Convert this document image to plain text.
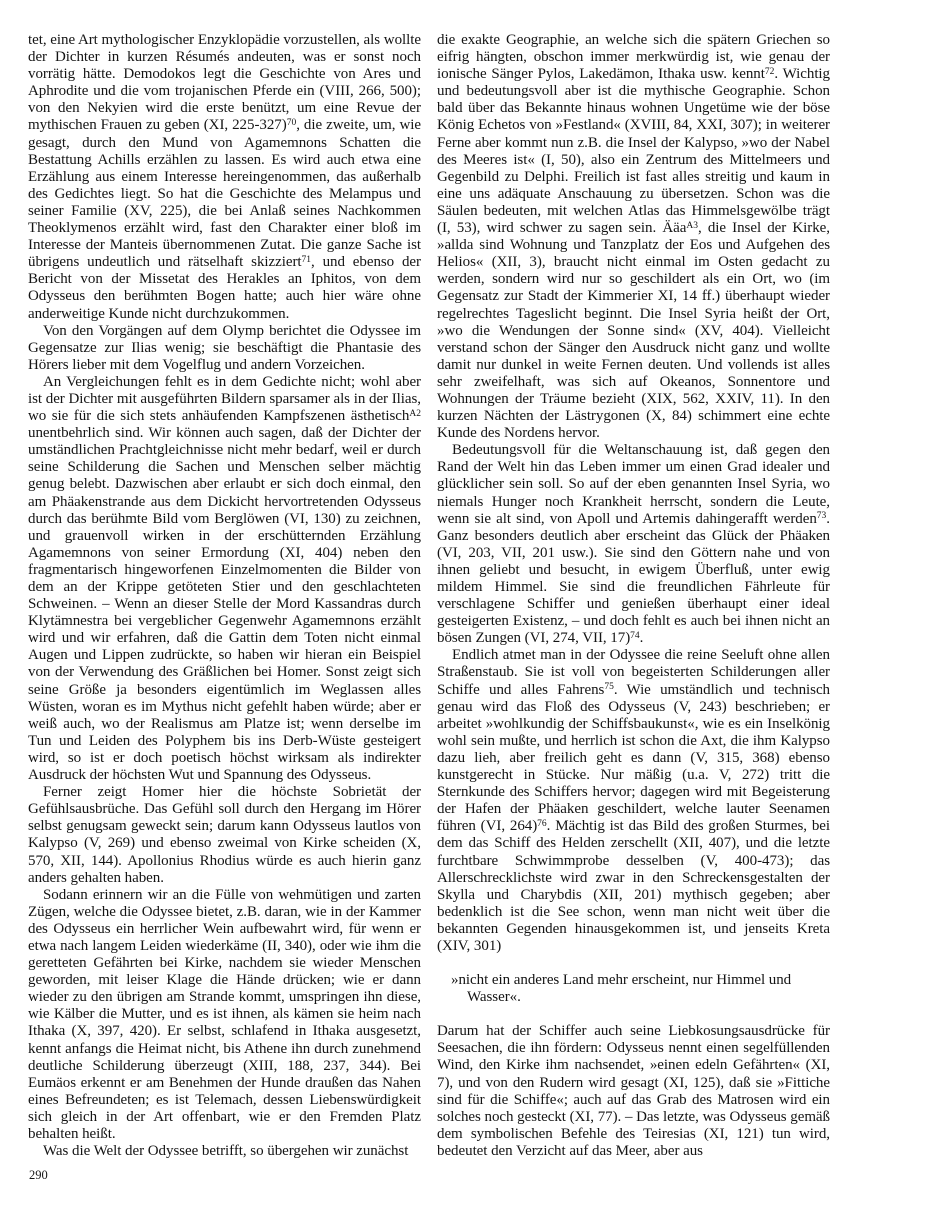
tet, eine Art mythologischer Enzyklopädie vorzustellen, als wollte der Dichter in kurzen Résumés andeuten, was er sonst noch vorrätig hätte. Demodokos legt die Geschichte von Ares und Aphrodite und die vom trojanischen Pferde ein (VIII, 266, 500); von den Nekyien wird die erste benützt, um eine Revue der mythischen Frauen zu geben (XI, 225-327)$^{70}$, die zweite, um, wie gesagt, durch den Mund von Agamemnons Schatten die Bestattung Achills erzählen zu lassen. Es wird auch etwa eine Erzählung aus einem Interesse hereingenommen, das außerhalb des Gedichtes liegt. So hat die Geschichte des Melampus und seiner Familie (XV, 225), die bei Anlaß seines Nachkommen Theoklymenos erzählt wird, fast den Charakter einer bloß im Interesse der Manteis übernommenen Zutat. Die ganze Sache ist übrigens undeutlich und rätselhaft skizziert$^{71}$, und ebenso der Bericht von der Missetat des Herakles an Iphitos, von dem Odysseus den berühmten Bogen hatte; auch hier wäre ohne anderweitige Kunde nicht durchzukommen.

Von den Vorgängen auf dem Olymp berichtet die Odyssee im Gegensatze zur Ilias wenig; sie beschäftigt die Phantasie des Hörers lieber mit dem Vogelflug und andern Vorzeichen.

An Vergleichungen fehlt es in dem Gedichte nicht; wohl aber ist der Dichter mit ausgeführten Bildern sparsamer als in der Ilias, wo sie für die sich stets anhäufenden Kampfszenen ästhetisch$^{A2}$ unentbehrlich sind. Wir können auch sagen, daß der Dichter der umständlichen Prachtgleichnisse nicht mehr bedarf, weil er durch seine Schilderung die Sachen und Menschen selber mächtig genug belebt. Dazwischen aber erlaubt er sich doch einmal, den am Phäakenstrande aus dem Dickicht hervortretenden Odysseus durch das berühmte Bild vom Berglöwen (VI, 130) zu zeichnen, und grauenvoll wirken in der erschütternden Erzählung Agamemnons von seiner Ermordung (XI, 404) neben den fragmentarisch hingeworfenen Einzelmomenten die Bilder von dem an der Krippe getöteten Stier und den geschlachteten Schweinen. – Wenn an dieser Stelle der Mord Kassandras durch Klytämnestra bei vergeblicher Gegenwehr Agamemnons erzählt wird und wir erfahren, daß die Gattin dem Toten nicht einmal Augen und Lippen zudrückte, so haben wir hieran ein Beispiel von der Verwendung des Gräßlichen bei Homer. Sonst zeigt sich seine Größe ja besonders eigentümlich im Weglassen alles Wüsten, woran es im Mythus nicht gefehlt haben würde; aber er weiß auch, wo der Realismus am Platze ist; wenn derselbe im Tun und Leiden des Polyphem bis ins Derb-Wüste gesteigert wird, so ist er doch poetisch höchst wirksam als indirekter Ausdruck der höchsten Wut und Spannung des Odysseus.

Ferner zeigt Homer hier die höchste Sobrietät der Gefühlsausbrüche. Das Gefühl soll durch den Hergang im Hörer selbst genugsam geweckt sein; darum kann Odysseus lautlos von Kalypso (V, 269) und ebenso zweimal von Kirke scheiden (X, 570, XII, 144). Apollonius Rhodius würde es auch hierin ganz anders gehalten haben.

Sodann erinnern wir an die Fülle von wehmütigen und zarten Zügen, welche die Odyssee bietet, z.B. daran, wie in der Kammer des Odysseus ein herrlicher Wein aufbewahrt wird, für wenn er etwa nach langem Leiden wiederkäme (II, 340), oder wie ihm die geretteten Gefährten bei Kirke, nachdem sie wieder Menschen geworden, mit leiser Klage die Hände drücken; wie er dann wieder zu den übrigen am Strande kommt, umspringen ihn diese, wie Kälber die Mutter, und es ist ihnen, als kämen sie heim nach Ithaka (X, 397, 420). Er selbst, schlafend in Ithaka ausgesetzt, kennt anfangs die Heimat nicht, bis Athene ihn durch zunehmend deutliche Schilderung überzeugt (XIII, 188, 237, 344). Bei Eumäos erkennt er am Benehmen der Hunde draußen das Nahen eines Befreundeten; es ist Telemach, dessen Liebenswürdigkeit sich gleich in der Art offenbart, wie er den Fremden Platz behalten heißt.

Was die Welt der Odyssee betrifft, so übergehen wir zunächst

die exakte Geographie, an welche sich die spätern Griechen so eifrig hängten, obschon immer merkwürdig ist, wie genau der ionische Sänger Pylos, Lakedämon, Ithaka usw. kennt$^{72}$. Wichtig und bedeutungsvoll aber ist die mythische Geographie. Schon bald über das Bekannte hinaus wohnen Ungetüme wie der böse König Echetos von »Festland« (XVIII, 84, XXI, 307); in weiterer Ferne aber kommt nun z.B. die Insel der Kalypso, »wo der Nabel des Meeres ist« (I, 50), also ein Zentrum des Mittelmeers und Gegenbild zu Delphi. Freilich ist fast alles streitig und kaum in eine uns adäquate Anschauung zu übersetzen. Schon was die Säulen bedeuten, mit welchen Atlas das Himmelsgewölbe trägt (I, 53), wird schwer zu sagen sein. Ääa$^{A3}$, die Insel der Kirke, »allda sind Wohnung und Tanzplatz der Eos und Aufgehen des Helios« (XII, 3), braucht nicht einmal im Osten gedacht zu werden, sondern wird nur so geschildert als ein Ort, wo (im Gegensatz zur Stadt der Kimmerier XI, 14 ff.) überhaupt wieder regelrechtes Tageslicht beginnt. Die Insel Syria heißt der Ort, »wo die Wendungen der Sonne sind« (XV, 404). Vielleicht verstand schon der Sänger den Ausdruck nicht ganz und wollte damit nur dunkel in weite Fernen deuten. Und vollends ist alles sehr zweifelhaft, was sich auf Okeanos, Sonnentore und Wohnungen der Träume bezieht (XIX, 562, XXIV, 11). In den kurzen Nächten der Lästrygonen (X, 84) schimmert eine echte Kunde des Nordens hervor.

Bedeutungsvoll für die Weltanschauung ist, daß gegen den Rand der Welt hin das Leben immer um einen Grad idealer und glücklicher sein soll. So auf der eben genannten Insel Syria, wo niemals Hunger noch Krankheit herrscht, sondern die Leute, wenn sie alt sind, von Apoll und Artemis dahingerafft werden$^{73}$. Ganz besonders deutlich aber erscheint das Glück der Phäaken (VI, 203, VII, 201 usw.). Sie sind den Göttern nahe und von ihnen geliebt und besucht, in ewigem Überfluß, unter ewig mildem Himmel. Sie sind die freundlichen Fährleute für verschlagene Schiffer und genießen überhaupt einer ideal gesteigerten Existenz, – und doch fehlt es auch bei ihnen nicht an bösen Zungen (VI, 274, VII, 17)$^{74}$.

Endlich atmet man in der Odyssee die reine Seeluft ohne allen Straßenstaub. Sie ist voll von begeisterten Schilderungen aller Schiffe und alles Fahrens$^{75}$. Wie umständlich und technisch genau wird das Floß des Odysseus (V, 243) beschrieben; er arbeitet »wohlkundig der Schiffsbaukunst«, wie es ein Inselkönig wohl sein mußte, und herrlich ist schon die Axt, die ihm Kalypso dazu lieh, aber freilich geht es dann (V, 315, 368) ebenso kunstgerecht in Stücke. Nur mäßig (u.a. V, 272) tritt die Sternkunde des Schiffers hervor; dagegen wird mit Begeisterung der Hafen der Phäaken geschildert, welche lauter Seenamen führen (VI, 264)$^{76}$. Mächtig ist das Bild des großen Sturmes, bei dem das Schiff des Helden zerschellt (XII, 407), und die letzte furchtbare Schwimmprobe desselben (V, 400-473); das Allerschrecklichste wird zwar in den Schreckensgestalten der Skylla und Charybdis (XII, 201) mythisch gegeben; aber bedenklich ist die See schon, wenn man nicht weit über die bekannten Gegenden hinausgekommen ist, und jenseits Kreta (XIV, 301)

»nicht ein anderes Land mehr erscheint, nur Himmel und
Wasser«.

Darum hat der Schiffer auch seine Liebkosungsausdrücke für Seesachen, die ihn fördern: Odysseus nennt einen segelfüllenden Wind, den Kirke ihm nachsendet, »einen edeln Gefährten« (XI, 7), und von den Rudern wird gesagt (XI, 125), daß sie »Fittiche sind für die Schiffe«; auch auf das Grab des Matrosen wird ein solches noch gesteckt (XI, 77). – Das letzte, was Odysseus gemäß dem symbolischen Befehle des Teiresias (XI, 121) tun wird, bedeutet den Verzicht auf das Meer, aber aus

290
